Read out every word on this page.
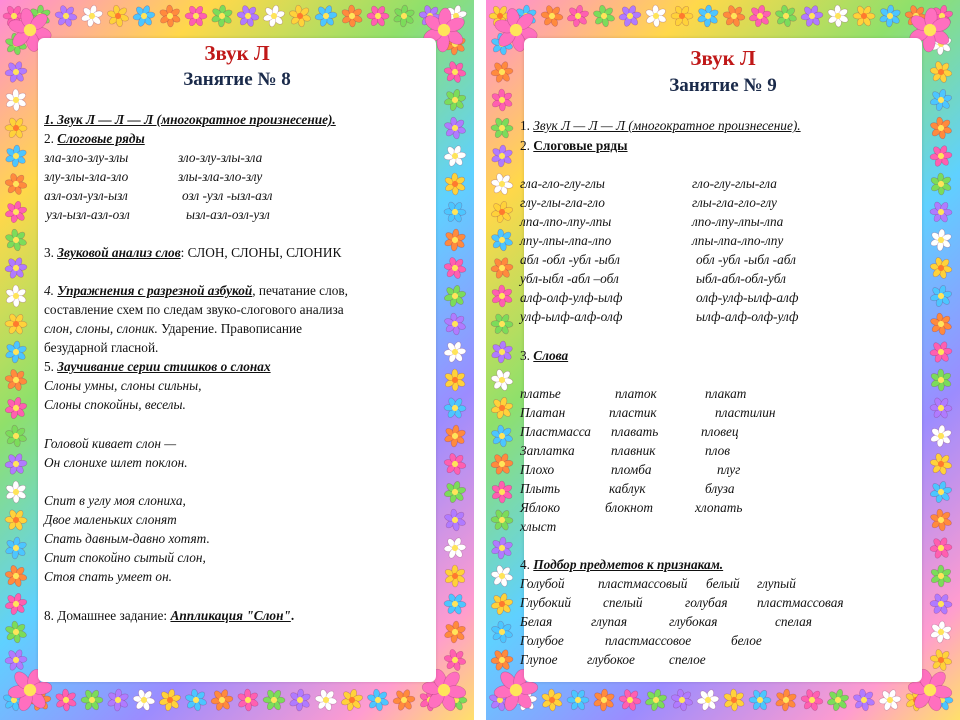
Звук Л
Занятие № 8
1. Звук Л — Л — Л (многократное произнесение).
2. Слоговые ряды
зла-зло-злу-злы	зло-злу-злы-зла
злу-злы-зла-зло	злы-зла-зло-злу
азл-озл-узл-ызл	озл -узл -ызл-азл
узл-ызл-азл-озл	ызл-азл-озл-узл
3. Звуковой анализ слов: СЛОН, СЛОНЫ, СЛОНИК
4. Упражнения с разрезной азбукой, печатание слов,
составление схем по следам звуко-слогового анализа
слон, слоны, слоник. Ударение. Правописание
безударной гласной.
5. Заучивание серии стишков о слонах
Слоны умны, слоны сильны,
Слоны спокойны, веселы.
Головой кивает слон —
Он слонихе шлет поклон.
Спит в углу моя слониха,
Двое маленьких слонят
Спать давным-давно хотят.
Спит спокойно сытый слон,
Стоя спать умеет он.
8. Домашнее задание: Аппликация "Слон".
Звук Л
Занятие № 9
1. Звук Л — Л — Л (многократное произнесение).
2. Слоговые ряды
гла-гло-глу-глы	гло-глу-глы-гла
глу-глы-гла-гло	глы-гла-гло-глу
лпа-лпо-лпу-лпы	лпо-лпу-лпы-лпа
лпу-лпы-лпа-лпо	лпы-лпа-лпо-лпу
абл -обл -убл -ыбл	обл -убл -ыбл -абл
убл-ыбл -абл –обл	ыбл-абл-обл-убл
алф-олф-улф-ылф	олф-улф-ылф-алф
улф-ылф-алф-олф	ылф-алф-олф-улф
3. Слова
платье	платок	плакат
Платан	пластик	пластилин
Пластмасса плавать	пловец
Заплатка	плавник	плов
Плохо	пломба	плуг
Плыть	каблук	блуза
Яблоко	блокнот	хлопать
хлыст
4. Подбор предметов к признакам.
Голубой	пластмассовый белый глупый
Глубокий спелый	голубая пластмассовая
Белая	глупая	глубокая	спелая
Голубое	пластмассовое	белое
Глупое глубокое	спелое
